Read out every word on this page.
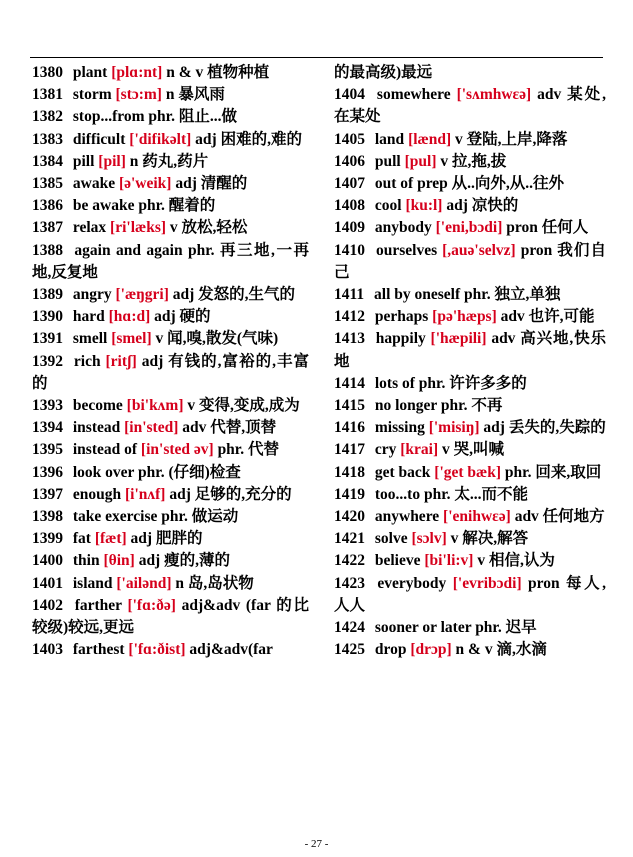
1380 plant [plɑ:nt] n & v 植物种植

1381 storm [stɔ:m] n 暴风雨

1382 stop...from phr. 阻止...做

1383 difficult ['difikəlt] adj 困难的,难的

1384 pill [pil] n 药丸,药片

1385 awake [ə'weik] adj 清醒的

1386 be awake phr. 醒着的

1387 relax [ri'læks] v 放松,轻松

1388 again and again phr. 再三地,一再地,反复地

1389 angry ['æŋgri] adj 发怒的,生气的

1390 hard [hɑ:d] adj 硬的

1391 smell [smel] v 闻,嗅,散发(气味)

1392 rich [ritʃ] adj 有钱的,富裕的,丰富的

1393 become [bi'kʌm] v 变得,变成,成为

1394 instead [in'sted] adv 代替,顶替

1395 instead of [in'sted əv] phr. 代替

1396 look over phr. (仔细)检查

1397 enough [i'nʌf] adj 足够的,充分的

1398 take exercise phr. 做运动

1399 fat [fæt] adj 肥胖的

1400 thin [θin] adj 瘦的,薄的

1401 island ['ailənd] n 岛,岛状物

1402 farther ['fɑ:ðə] adj&adv (far 的比较级)较远,更远

1403 farthest ['fɑ:ðist] adj&adv(far

的最高级)最远

1404 somewhere ['sʌmhwεə] adv 某处,在某处

1405 land [lænd] v 登陆,上岸,降落

1406 pull [pul] v 拉,拖,拔

1407 out of prep 从..向外,从..往外

1408 cool [ku:l] adj 凉快的

1409 anybody ['eni,bɔdi] pron 任何人

1410 ourselves [,auə'selvz] pron 我们自己

1411 all by oneself phr. 独立,单独

1412 perhaps [pə'hæps] adv 也许,可能

1413 happily ['hæpili] adv 高兴地,快乐地

1414 lots of phr. 许许多多的

1415 no longer phr. 不再

1416 missing ['misiŋ] adj 丢失的,失踪的

1417 cry [krai] v 哭,叫喊

1418 get back ['get bæk] phr. 回来,取回

1419 too...to phr. 太...而不能

1420 anywhere ['enihwεə] adv 任何地方

1421 solve [sɔlv] v 解决,解答

1422 believe [bi'li:v] v 相信,认为

1423 everybody ['evribɔdi] pron 每人,人人

1424 sooner or later phr. 迟早

1425 drop [drɔp] n & v 滴,水滴

- 27 -
